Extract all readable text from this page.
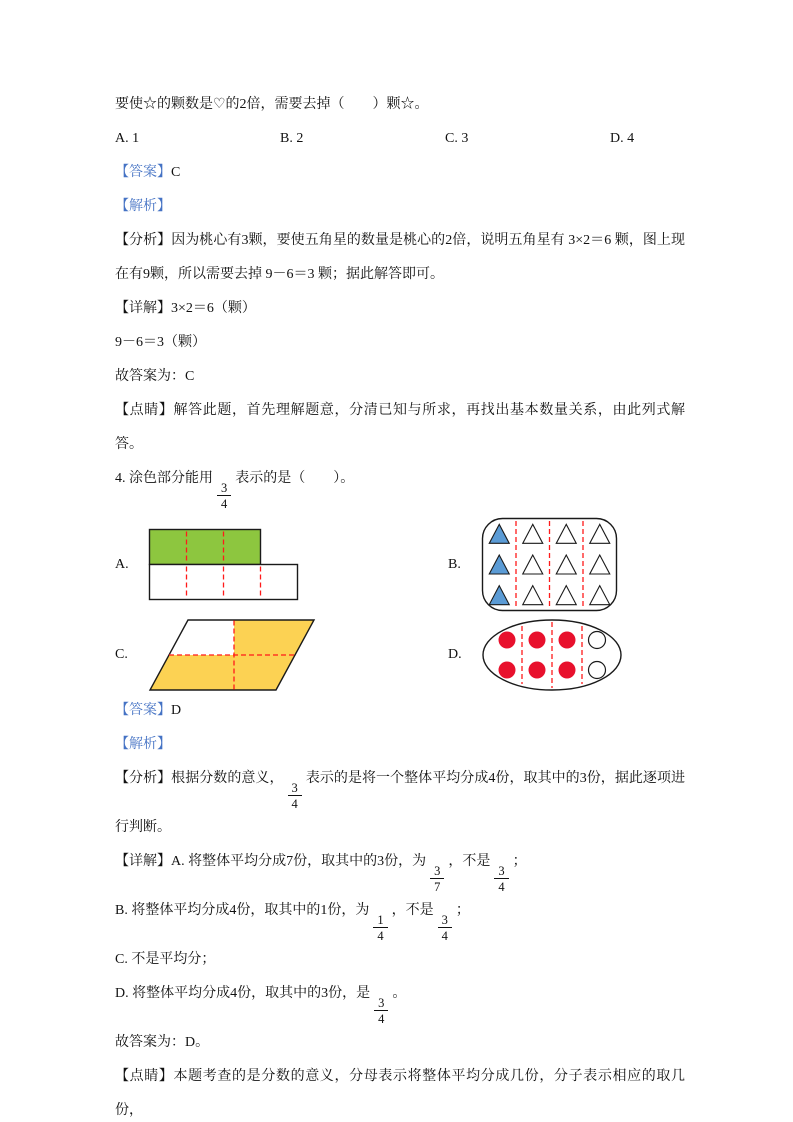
要使☆的颗数是♡的2倍，需要去掉（　　）颗☆。

A. 1	B. 2	C. 3	D. 4

【答案】C

【解析】

【分析】因为桃心有3颗，要使五角星的数量是桃心的2倍，说明五角星有 3×2＝6 颗，图上现在有9颗，所以需要去掉 9－6＝3 颗；据此解答即可。

【详解】3×2＝6（颗）

9－6＝3（颗）

故答案为：C

【点睛】解答此题，首先理解题意，分清已知与所求，再找出基本数量关系，由此列式解答。

4. 涂色部分能用
$\frac{3}{4}$
表示的是（　　）。

A.	B.
C.	D.

【答案】D

【解析】

【分析】根据分数的意义，
$\frac{3}{4}$
表示的是将一个整体平均分成4份，取其中的3份，据此逐项进行判断。

【详解】A. 将整体平均分成7份，取其中的3份，为
$\frac{3}{7}$
，不是
$\frac{3}{4}$
；

B. 将整体平均分成4份，取其中的1份，为
$\frac{1}{4}$
，不是
$\frac{3}{4}$
；

C. 不是平均分；

D. 将整体平均分成4份，取其中的3份，是
$\frac{3}{4}$
。

故答案为：D。

【点睛】本题考查的是分数的意义，分母表示将整体平均分成几份，分子表示相应的取几份，
